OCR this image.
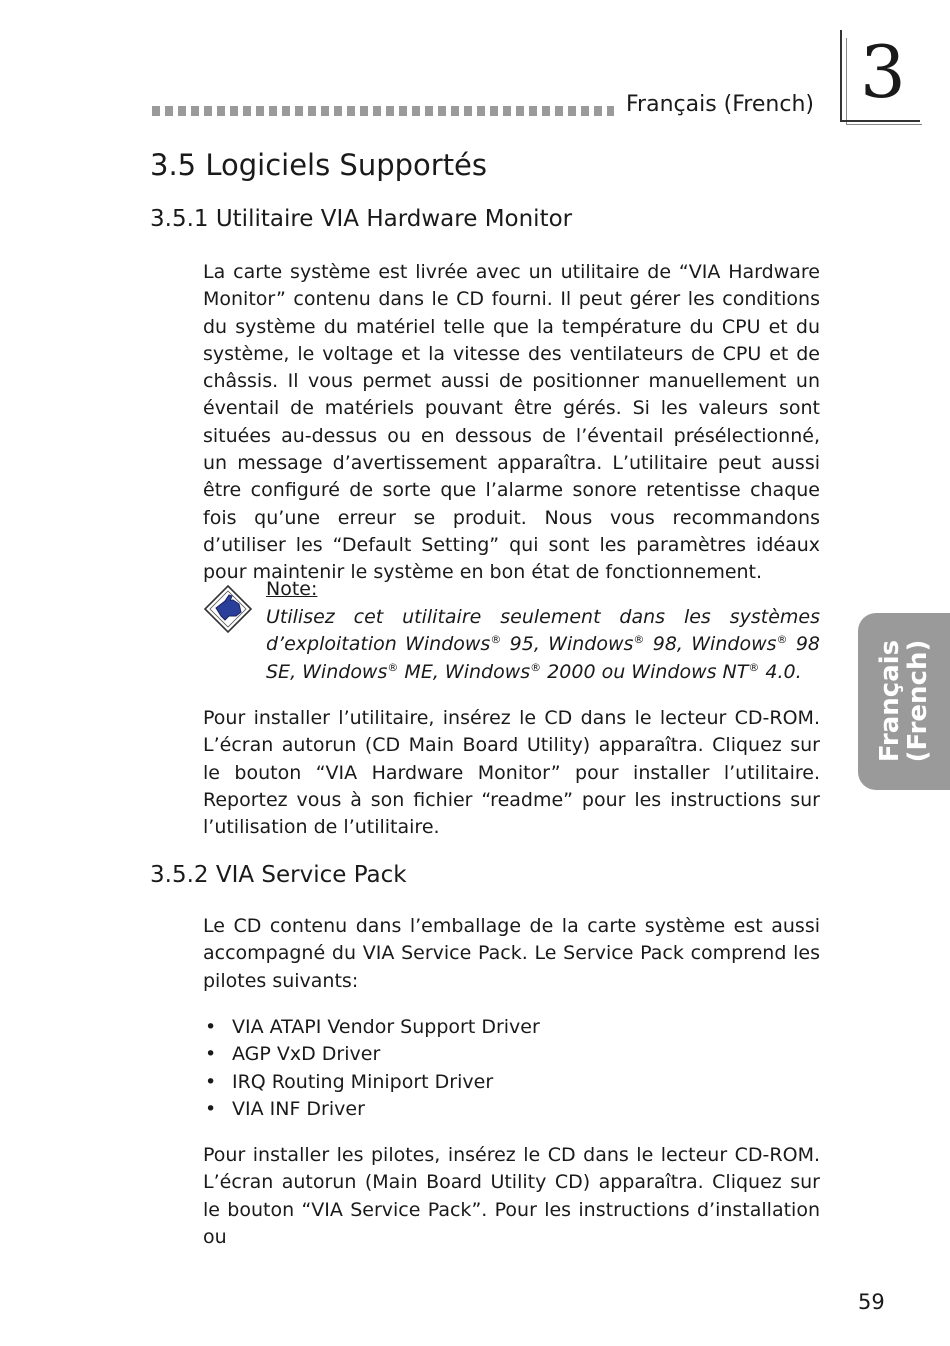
Français (French) 3
3.5 Logiciels Supportés
3.5.1 Utilitaire VIA Hardware Monitor
La carte système est livrée avec un utilitaire de “VIA Hardware Monitor” contenu dans le CD fourni. Il peut gérer les conditions du système du matériel telle que la température du CPU et du système, le voltage et la vitesse des ventilateurs de CPU et de châssis. Il vous permet aussi de positionner manuellement un éventail de matériels pouvant être gérés. Si les valeurs sont situées au-dessus ou en dessous de l’éventail présélectionné, un message d’avertissement apparaîtra. L’utilitaire peut aussi être configuré de sorte que l’alarme sonore retentisse chaque fois qu’une erreur se produit. Nous vous recommandons d’utiliser les “Default Setting” qui sont les paramètres idéaux pour maintenir le système en bon état de fonctionnement.
Note:
Utilisez cet utilitaire seulement dans les systèmes d’exploitation Windows® 95, Windows® 98, Windows® 98 SE, Windows® ME, Windows® 2000 ou Windows NT® 4.0.
Pour installer l’utilitaire, insérez le CD dans le lecteur CD-ROM. L’écran autorun (CD Main Board Utility) apparaîtra. Cliquez sur le bouton “VIA Hardware Monitor” pour installer l’utilitaire. Reportez vous à son fichier “readme” pour les instructions sur l’utilisation de l’utilitaire.
3.5.2 VIA Service Pack
Le CD contenu dans l’emballage de la carte système est aussi accompagné du VIA Service Pack. Le Service Pack comprend les pilotes suivants:
• VIA ATAPI Vendor Support Driver
• AGP VxD Driver
• IRQ Routing Miniport Driver
• VIA INF Driver
Pour installer les pilotes, insérez le CD dans le lecteur CD-ROM. L’écran autorun (Main Board Utility CD) apparaîtra. Cliquez sur le bouton “VIA Service Pack”. Pour les instructions d’installation ou
Français
(French)
59
